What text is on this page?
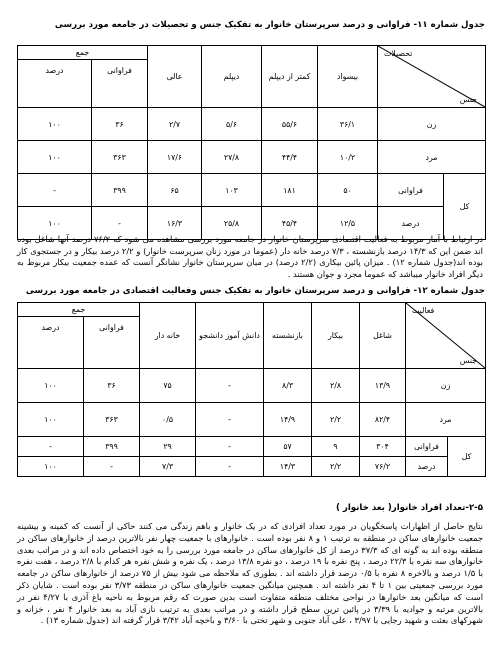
جدول شماره ۱۱- فراوانی و درصد سرپرستان خانوار به تفکیک جنس و تحصیلات در جامعه مورد بررسی
تحصیلات
جنس		بیسواد	کمتر از دیپلم	دیپلم	عالی	جمع	
						فراوانی	درصد
زن		۳۶/۱	۵۵/۶	۵/۶	۲/۷	۳۶	۱۰۰
مرد		۱۰/۲	۴۴/۴	۲۷/۸	۱۷/۶	۳۶۳	۱۰۰
کل	فراوانی	۵۰	۱۸۱	۱۰۳	۶۵	۳۹۹	-
	درصد	۱۲/۵	۴۵/۴	۲۵/۸	۱۶/۳	-	۱۰۰
در ارتباط با آمار مربوط به فعالیت اقتصادی سرپرستان خانوار در جامعه مورد بررسی مشاهده می شود که ۷۶/۲ درصد آنها شاغل بوده اند ضمن این که ۱۴/۳ درصد بازنشسته ، ۷/۳ درصد خانه دار (عموما در مورد زنان سرپرست خانوار) و ۲/۲ درصد بیکار و در جستجوی کار بوده اند(جدول شماره ۱۲) . میزان پائین بیکاری (۲/۲ درصد) در میان سرپرستان خانوار نشانگر آنست که عمده جمعیت بیکار مربوط به دیگر افراد خانوار میباشد که عموما مجرد و جوان هستند .
جدول شماره ۱۲- فراوانی و درصد سرپرستان خانوار به تفکیک جنس وفعالیت اقتصادی در جامعه مورد بررسی
فعالیت
جنس		شاغل	بیکار	بازنشسته	دانش آموز دانشجو	خانه دار	جمع	
							فراوانی	درصد
زن		۱۳/۹	۲/۸	۸/۳	-	۷۵	۳۶	۱۰۰
مرد		۸۲/۴	۲/۲	۱۴/۹	-	۰/۵	۳۶۳	۱۰۰
کل	فراوانی	۳۰۴	۹	۵۷	-	۲۹	۳۹۹	-
	درصد	۷۶/۲	۲/۲	۱۴/۳	-	۷/۳	-	۱۰۰
۲-۵-تعداد افراد خانوار( بعد خانوار )
نتایج حاصل از اظهارات پاسخگویان در مورد تعداد افرادی که در یک خانوار و باهم زندگی می کنند حاکی از آنست که کمینه و بیشینه جمعیت خانوارهای ساکن در منطقه به ترتیب ۱ و ۸ نفر بوده است . خانوارهای با جمعیت چهار نفر بالاترین درصد از خانوارهای ساکن در منطقه بوده اند به گونه ای که ۳۷/۳ درصد از کل خانوارهای ساکن در جامعه مورد بررسی را به خود اختصاص داده اند و در مراتب بعدی خانوارهای سه نفره با ۲۲/۳ درصد ، پنج نفره با ۱۹ درصد ، دو نفره ۱۳/۸ درصد ، یک نفره و شش نفره هر کدام با ۲/۸ درصد ، هفت نفره با ۱/۵ درصد و بالاخره ۸ نفره با ۰/۵ درصد قرار داشته اند . بطوری که ملاحظه می شود بیش از ۷۵ درصد از خانوارهای ساکن در جامعه مورد بررسی جمعیتی بین ۱ تا ۴ نفر داشته اند . همچنین میانگین جمعیت خانوارهای ساکن در منطقه ۳/۷۳ نفر بوده است . شایان ذکر است که میانگین بعد خانوارها در نواحی مختلف منطقه متفاوت است بدین صورت که رقم مربوط به ناحیه باغ آذری با ۴/۲۷ نفر در بالاترین مرتبه و جوادیه با ۳/۳۹ در پائین ترین سطح قرار داشته و در مراتب بعدی به ترتیب نازی آباد به بعد خانوار ۴ نفر ، خزانه و شهرکهای بعثت و شهید رجایی با ۳/۹۷ ، علی آباد جنوبی و شهر تختی با ۳/۶۰ و باخچه آباد ۳/۴۲ قرار گرفته اند (جدول شماره ۱۳) .
